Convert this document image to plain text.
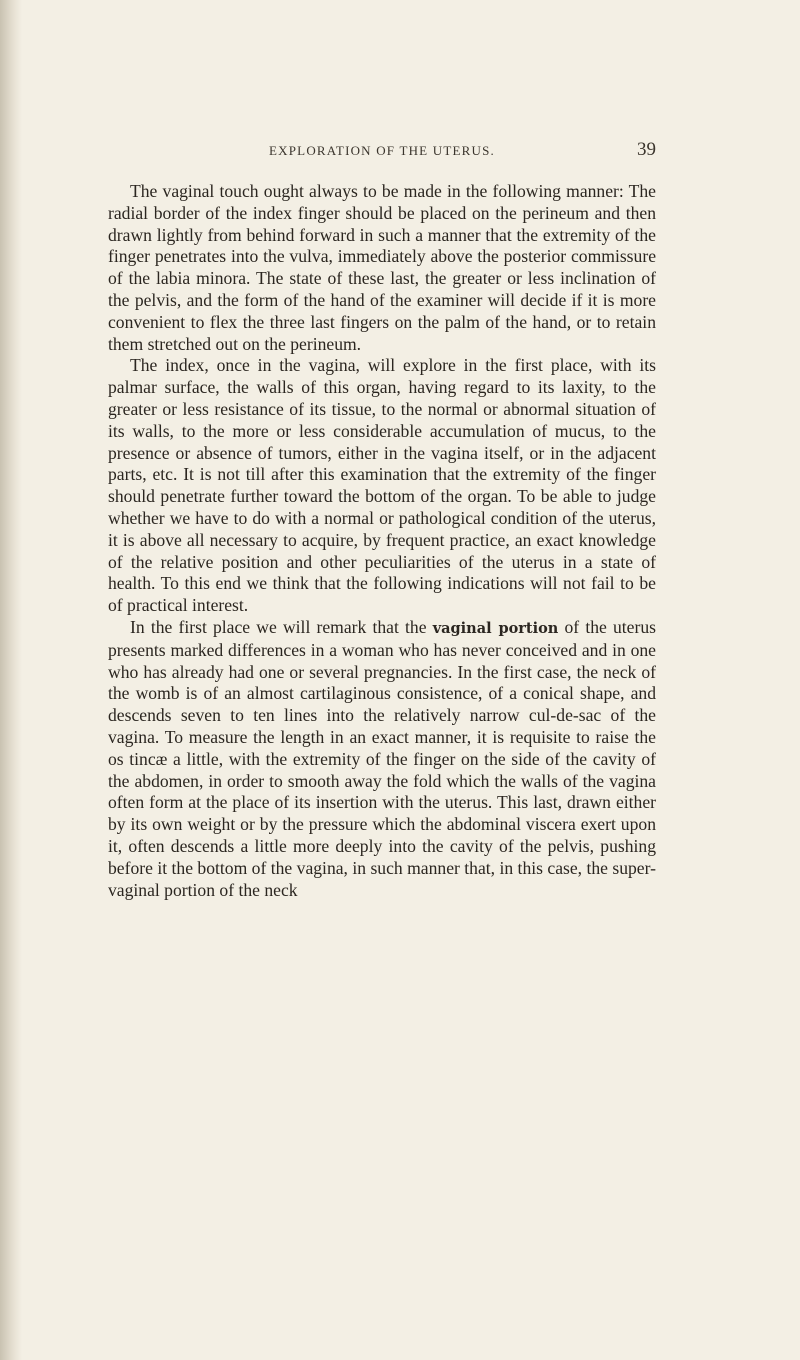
EXPLORATION OF THE UTERUS.	39

The vaginal touch ought always to be made in the following manner: The radial border of the index finger should be placed on the perineum and then drawn lightly from behind forward in such a manner that the extremity of the finger penetrates into the vulva, immediately above the posterior commissure of the labia minora. The state of these last, the greater or less inclination of the pelvis, and the form of the hand of the examiner will decide if it is more convenient to flex the three last fingers on the palm of the hand, or to retain them stretched out on the perineum.

The index, once in the vagina, will explore in the first place, with its palmar surface, the walls of this organ, having regard to its laxity, to the greater or less resistance of its tissue, to the normal or abnormal situation of its walls, to the more or less considerable accumulation of mucus, to the presence or absence of tumors, either in the vagina itself, or in the adjacent parts, etc. It is not till after this examination that the extremity of the finger should penetrate further toward the bottom of the organ. To be able to judge whether we have to do with a normal or pathological condition of the uterus, it is above all necessary to acquire, by frequent practice, an exact knowledge of the relative position and other peculiarities of the uterus in a state of health. To this end we think that the following indications will not fail to be of practical interest.

In the first place we will remark that the vaginal portion of the uterus presents marked differences in a woman who has never conceived and in one who has already had one or several pregnancies. In the first case, the neck of the womb is of an almost cartilaginous consistence, of a conical shape, and descends seven to ten lines into the relatively narrow cul-de-sac of the vagina. To measure the length in an exact manner, it is requisite to raise the os tincæ a little, with the extremity of the finger on the side of the cavity of the abdomen, in order to smooth away the fold which the walls of the vagina often form at the place of its insertion with the uterus. This last, drawn either by its own weight or by the pressure which the abdominal viscera exert upon it, often descends a little more deeply into the cavity of the pelvis, pushing before it the bottom of the vagina, in such manner that, in this case, the super-vaginal portion of the neck
